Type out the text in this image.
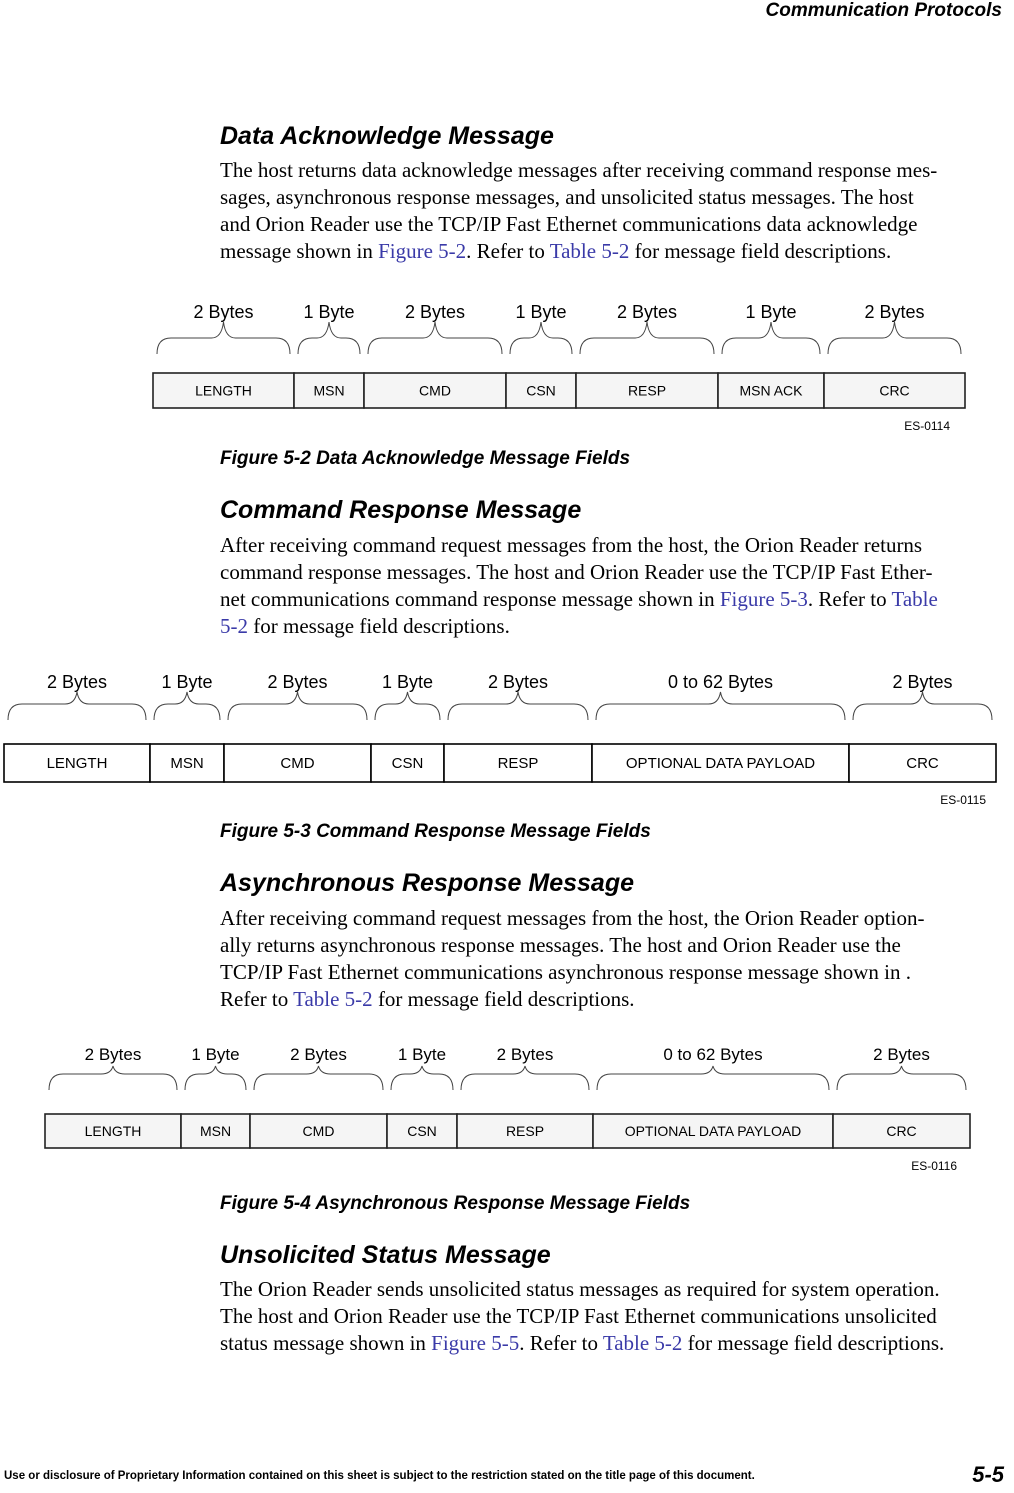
Communication Protocols
Data Acknowledge Message
The host returns data acknowledge messages after receiving command response mes-
sages, asynchronous response messages, and unsolicited status messages. The host
and Orion Reader use the TCP/IP Fast Ethernet communications data acknowledge
message shown in Figure 5-2. Refer to Table 5-2 for message field descriptions.
2 Bytes
LENGTH
1 Byte
MSN
2 Bytes
CMD
1 Byte
CSN
2 Bytes
RESP
1 Byte
MSN ACK
2 Bytes
CRC
ES-0114
Figure 5-2 Data Acknowledge Message Fields
Command Response Message
After receiving command request messages from the host, the Orion Reader returns
command response messages. The host and Orion Reader use the TCP/IP Fast Ether-
net communications command response message shown in Figure 5-3. Refer to Table
5-2 for message field descriptions.
2 Bytes
LENGTH
1 Byte
MSN
2 Bytes
CMD
1 Byte
CSN
2 Bytes
RESP
0 to 62 Bytes
OPTIONAL DATA PAYLOAD
2 Bytes
CRC
ES-0115
Figure 5-3 Command Response Message Fields
Asynchronous Response Message
After receiving command request messages from the host, the Orion Reader option-
ally returns asynchronous response messages. The host and Orion Reader use the
TCP/IP Fast Ethernet communications asynchronous response message shown in .
Refer to Table 5-2 for message field descriptions.
2 Bytes
LENGTH
1 Byte
MSN
2 Bytes
CMD
1 Byte
CSN
2 Bytes
RESP
0 to 62 Bytes
OPTIONAL DATA PAYLOAD
2 Bytes
CRC
ES-0116
Figure 5-4 Asynchronous Response Message Fields
Unsolicited Status Message
The Orion Reader sends unsolicited status messages as required for system operation.
The host and Orion Reader use the TCP/IP Fast Ethernet communications unsolicited
status message shown in Figure 5-5. Refer to Table 5-2 for message field descriptions.
Use or disclosure of Proprietary Information contained on this sheet is subject to the restriction stated on the title page of this document.	5-5
